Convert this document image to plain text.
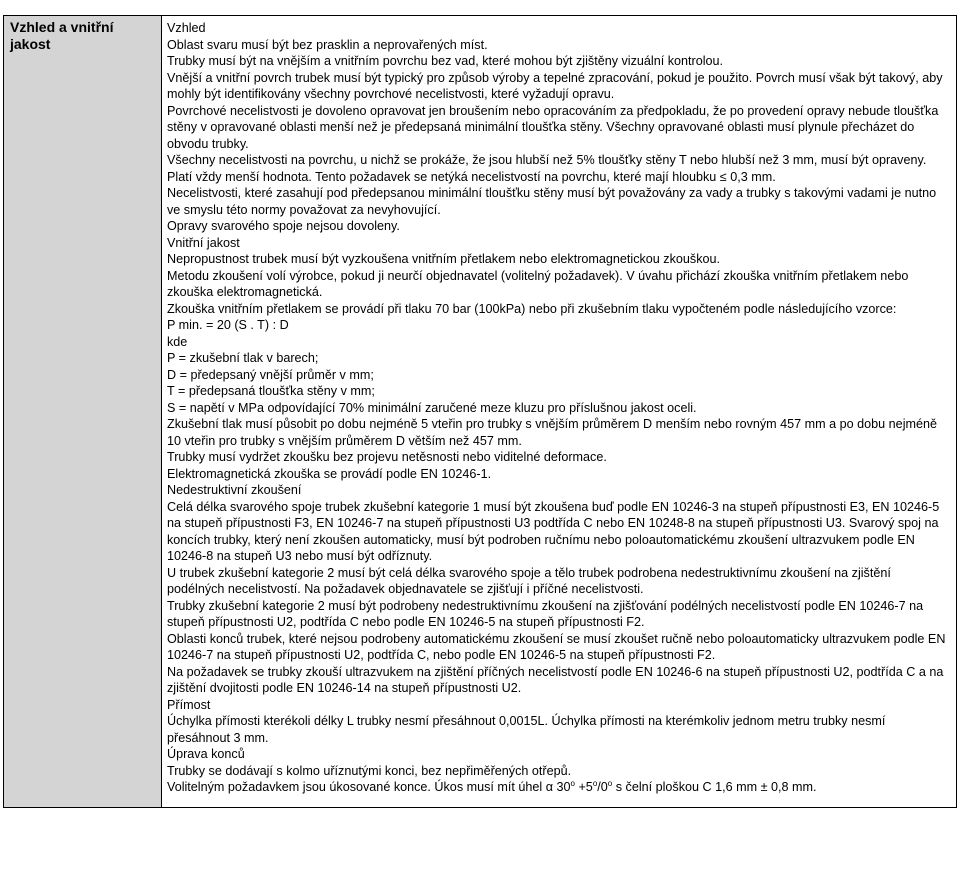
Vzhled a vnitřní jakost	

Vzhled

Oblast svaru musí být bez prasklin a neprovařených míst.

Trubky musí být na vnějším a vnitřním povrchu bez vad, které mohou být zjištěny vizuální kontrolou.

Vnější a vnitřní povrch trubek musí být typický pro způsob výroby a tepelné zpracování, pokud je použito. Povrch musí však být takový, aby mohly být identifikovány všechny povrchové necelistvosti, které vyžadují opravu.

Povrchové necelistvosti je dovoleno opravovat jen broušením nebo opracováním za předpokladu, že po provedení opravy nebude tloušťka stěny v opravované oblasti menší než je předepsaná minimální tloušťka stěny. Všechny opravované oblasti musí plynule přecházet do obvodu trubky.

Všechny necelistvosti na povrchu, u nichž se prokáže, že jsou hlubší než 5% tloušťky stěny T nebo hlubší než 3 mm, musí být opraveny. Platí vždy menší hodnota. Tento požadavek se netýká necelistvostí na povrchu, které mají hloubku ≤ 0,3 mm.

Necelistvosti, které zasahují pod předepsanou minimální tloušťku stěny musí být považovány za vady a trubky s takovými vadami je nutno ve smyslu této normy považovat za nevyhovující.

Opravy svarového spoje nejsou dovoleny.

Vnitřní jakost

Nepropustnost trubek musí být vyzkoušena vnitřním přetlakem nebo elektromagnetickou zkouškou.

Metodu zkoušení volí výrobce, pokud ji neurčí objednavatel (volitelný požadavek). V úvahu přichází zkouška vnitřním přetlakem nebo zkouška elektromagnetická.

Zkouška vnitřním přetlakem se provádí při tlaku 70 bar (100kPa) nebo při zkušebním tlaku vypočteném podle následujícího vzorce:

P min. = 20 (S . T) : D

kde

P = zkušební tlak v barech;

D = předepsaný vnější průměr v mm;

T = předepsaná tloušťka stěny v mm;

S = napětí v MPa odpovídající 70% minimální zaručené meze kluzu pro příslušnou jakost oceli.

Zkušební tlak musí působit po dobu nejméně 5 vteřin pro trubky s vnějším průměrem D menším nebo rovným 457 mm a po dobu nejméně 10 vteřin pro trubky s vnějším průměrem D větším než 457 mm.

Trubky musí vydržet zkoušku bez projevu netěsnosti nebo viditelné deformace.

Elektromagnetická zkouška se provádí podle EN 10246-1.

Nedestruktivní zkoušení

Celá délka svarového spoje trubek zkušební kategorie 1 musí být zkoušena buď podle EN 10246-3 na stupeň přípustnosti E3, EN 10246-5 na stupeň přípustnosti F3, EN 10246-7 na stupeň přípustnosti U3 podtřída C nebo EN 10248-8 na stupeň přípustnosti U3. Svarový spoj na koncích trubky, který není zkoušen automaticky, musí být podroben ručnímu nebo poloautomatickému zkoušení ultrazvukem podle EN 10246-8 na stupeň U3 nebo musí být odříznuty.

U trubek zkušební kategorie 2 musí být celá délka svarového spoje a tělo trubek podrobena nedestruktivnímu zkoušení na zjištění podélných necelistvostí. Na požadavek objednavatele se zjišťují i příčné necelistvosti.

Trubky zkušební kategorie 2 musí být podrobeny nedestruktivnímu zkoušení na zjišťování podélných necelistvostí podle EN 10246-7 na stupeň přípustnosti U2, podtřída C nebo podle EN 10246-5 na stupeň přípustnosti F2.

Oblasti konců trubek, které nejsou podrobeny automatickému zkoušení se musí zkoušet ručně nebo poloautomaticky ultrazvukem podle EN 10246-7 na stupeň přípustnosti U2, podtřída C, nebo podle EN 10246-5 na stupeň přípustnosti F2.

Na požadavek se trubky zkouší ultrazvukem na zjištění příčných necelistvostí podle EN 10246-6 na stupeň přípustnosti U2, podtřída C a na zjištění dvojitosti podle EN 10246-14 na stupeň přípustnosti U2.

Přímost

Úchylka přímosti kterékoli délky L trubky nesmí přesáhnout 0,0015L. Úchylka přímosti na kterémkoliv jednom metru trubky nesmí přesáhnout 3 mm.

Úprava konců

Trubky se dodávají s kolmo uříznutými konci, bez nepřiměřených otřepů.

Volitelným požadavkem jsou úkosované konce. Úkos musí mít úhel α $30^o +5^o/0^o$ s čelní ploškou C 1,6 mm ± 0,8 mm.
